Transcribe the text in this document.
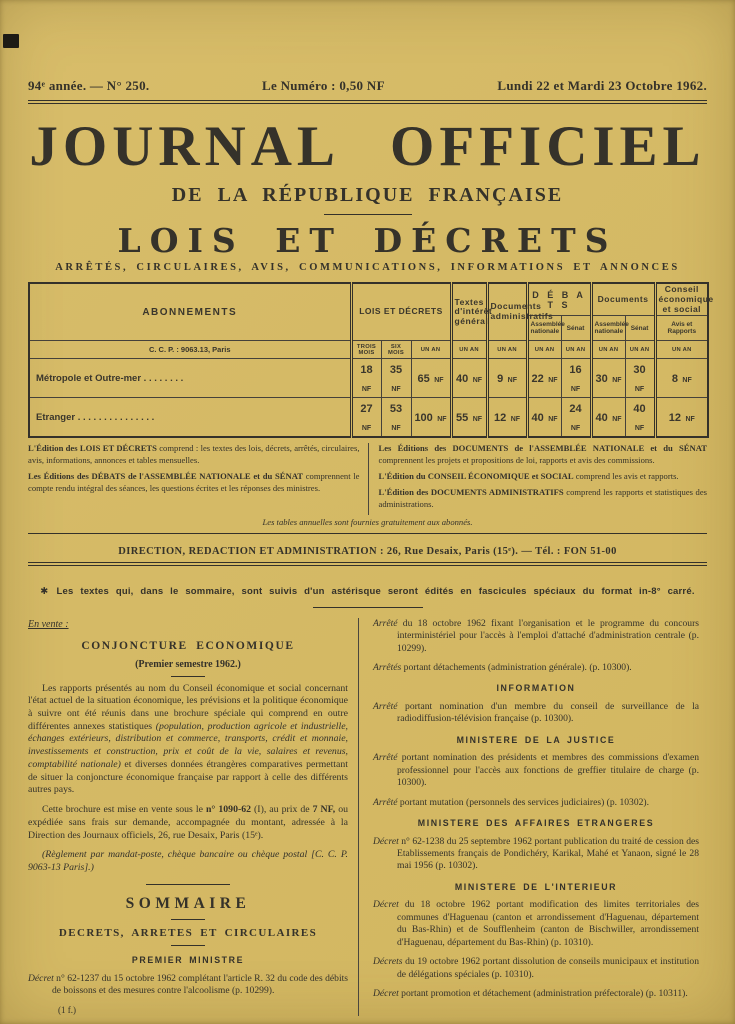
94ᵉ année. — N° 250.	Le Numéro : 0,50 NF	Lundi 22 et Mardi 23 Octobre 1962.
JOURNAL OFFICIEL
DE LA RÉPUBLIQUE FRANÇAISE
LOIS ET DÉCRETS
ARRÊTÉS, CIRCULAIRES, AVIS, COMMUNICATIONS, INFORMATIONS ET ANNONCES
ABONNEMENTS	LOIS ET DÉCRETS			Textes d'intérêt général	Documents administratifs	D É B A T S		Documents		Conseil économique et social
						Assemblée nationale	Sénat	Assemblée nationale	Sénat	Avis et Rapports
C. C. P. : 9063.13, Paris	TROIS MOIS	SIX MOIS	UN AN	UN AN	UN AN	UN AN	UN AN	UN AN	UN AN	UN AN
Métropole et Outre-mer . . . . . . . .	18 NF	35 NF	65 NF	40 NF	9 NF	22 NF	16 NF	30 NF	30 NF	8 NF
Etranger . . . . . . . . . . . . . . .	27 NF	53 NF	100 NF	55 NF	12 NF	40 NF	24 NF	40 NF	40 NF	12 NF

L'Édition des LOIS ET DÉCRETS comprend : les textes des lois, décrets, arrêtés, circulaires, avis, informations, annonces et tables mensuelles.

Les Éditions des DÉBATS de l'ASSEMBLÉE NATIONALE et du SÉNAT comprennent le compte rendu intégral des séances, les questions écrites et les réponses des ministres.

Les Éditions des DOCUMENTS de l'ASSEMBLÉE NATIONALE et du SÉNAT comprennent les projets et propositions de loi, rapports et avis des commissions.

L'Édition du CONSEIL ÉCONOMIQUE et SOCIAL comprend les avis et rapports.

L'Édition des DOCUMENTS ADMINISTRATIFS comprend les rapports et statistiques des administrations.

Les tables annuelles sont fournies gratuitement aux abonnés.
DIRECTION, REDACTION ET ADMINISTRATION : 26, Rue Desaix, Paris (15ᵉ). — Tél. : FON 51-00
✱ Les textes qui, dans le sommaire, sont suivis d'un astérisque seront édités en fascicules spéciaux du format in-8° carré.
En vente :
CONJONCTURE ECONOMIQUE
(Premier semestre 1962.)

Les rapports présentés au nom du Conseil économique et social concernant l'état actuel de la situation économique, les prévisions et la politique économique à suivre ont été réunis dans une brochure spéciale qui comprend en outre différentes annexes statistiques (population, production agricole et industrielle, échanges extérieurs, distribution et commerce, transports, crédit et monnaie, investissements et construction, prix et coût de la vie, salaires et revenus, comptabilité nationale) et diverses données étrangères comparatives permettant de situer la conjoncture économique française par rapport à celle des différents autres pays.

Cette brochure est mise en vente sous le n° 1090-62 (I), au prix de 7 NF, ou expédiée sans frais sur demande, accompagnée du montant, adressée à la Direction des Journaux officiels, 26, rue Desaix, Paris (15ᵉ).

(Règlement par mandat-poste, chèque bancaire ou chèque postal [C. C. P. 9063-13 Paris].)

SOMMAIRE
DECRETS, ARRETES ET CIRCULAIRES
PREMIER MINISTRE

Décret n° 62-1237 du 15 octobre 1962 complétant l'article R. 32 du code des débits de boissons et des mesures contre l'alcoolisme (p. 10299).

(1 f.)

Arrêté du 18 octobre 1962 fixant l'organisation et le programme du concours interministériel pour l'accès à l'emploi d'attaché d'administration centrale (p. 10299).

Arrêtés portant détachements (administration générale). (p. 10300).

INFORMATION

Arrêté portant nomination d'un membre du conseil de surveillance de la radiodiffusion-télévision française (p. 10300).

MINISTERE DE LA JUSTICE

Arrêté portant nomination des présidents et membres des commissions d'examen professionnel pour l'accès aux fonctions de greffier titulaire de charge (p. 10300).

Arrêté portant mutation (personnels des services judiciaires) (p. 10302).

MINISTERE DES AFFAIRES ETRANGERES

Décret n° 62-1238 du 25 septembre 1962 portant publication du traité de cession des Etablissements français de Pondichéry, Karikal, Mahé et Yanaon, signé le 28 mai 1956 (p. 10302).

MINISTERE DE L'INTERIEUR

Décret du 18 octobre 1962 portant modification des limites territoriales des communes d'Haguenau (canton et arrondissement d'Haguenau, département du Bas-Rhin) et de Soufflenheim (canton de Bischwiller, arrondissement d'Haguenau, département du Bas-Rhin) (p. 10310).

Décrets du 19 octobre 1962 portant dissolution de conseils municipaux et institution de délégations spéciales (p. 10310).

Décret portant promotion et détachement (administration préfectorale) (p. 10311).
